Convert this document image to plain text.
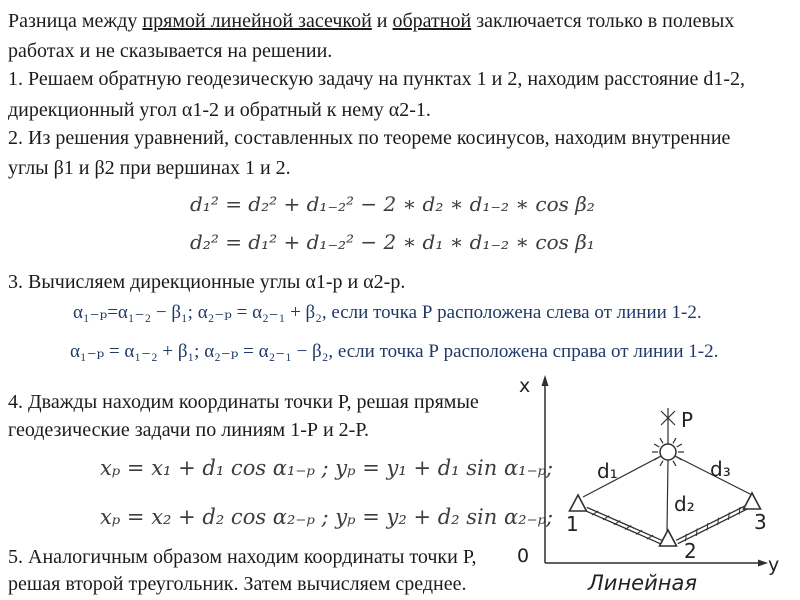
Разница между прямой линейной засечкой и обратной заключается только в полевых работах и не сказывается на решении.
1. Решаем обратную геодезическую задачу на пунктах 1 и 2, находим расстояние d1-2, дирекционный угол α1-2 и обратный к нему α2-1.
2. Из решения уравнений, составленных по теореме косинусов, находим внутренние углы β1 и β2 при вершинах 1 и 2.
d₁² = d₂² + d₁₋₂² − 2 ∗ d₂ ∗ d₁₋₂ ∗ cos β₂
d₂² = d₁² + d₁₋₂² − 2 ∗ d₁ ∗ d₁₋₂ ∗ cos β₁
3. Вычисляем дирекционные углы α1-р и α2-р.
α₁₋ₚ=α₁₋₂ − β₁; α₂₋ₚ = α₂₋₁ + β₂, если точка Р расположена слева от линии 1-2.
α₁₋ₚ = α₁₋₂ + β₁; α₂₋ₚ = α₂₋₁ − β₂, если точка Р расположена справа от линии 1-2.
4. Дважды находим координаты точки Р, решая прямые геодезические задачи по линиям 1-Р и 2-Р.
xₚ = x₁ + d₁ cos α₁₋ₚ ; yₚ = y₁ + d₁ sin α₁₋ₚ;
xₚ = x₂ + d₂ cos α₂₋ₚ ; yₚ = y₂ + d₂ sin α₂₋ₚ;
5. Аналогичным образом находим координаты точки Р, решая второй треугольник. Затем вычисляем среднее.
x
y
0
P
d₁
d₂
d₃
1
2
3
Линейная
